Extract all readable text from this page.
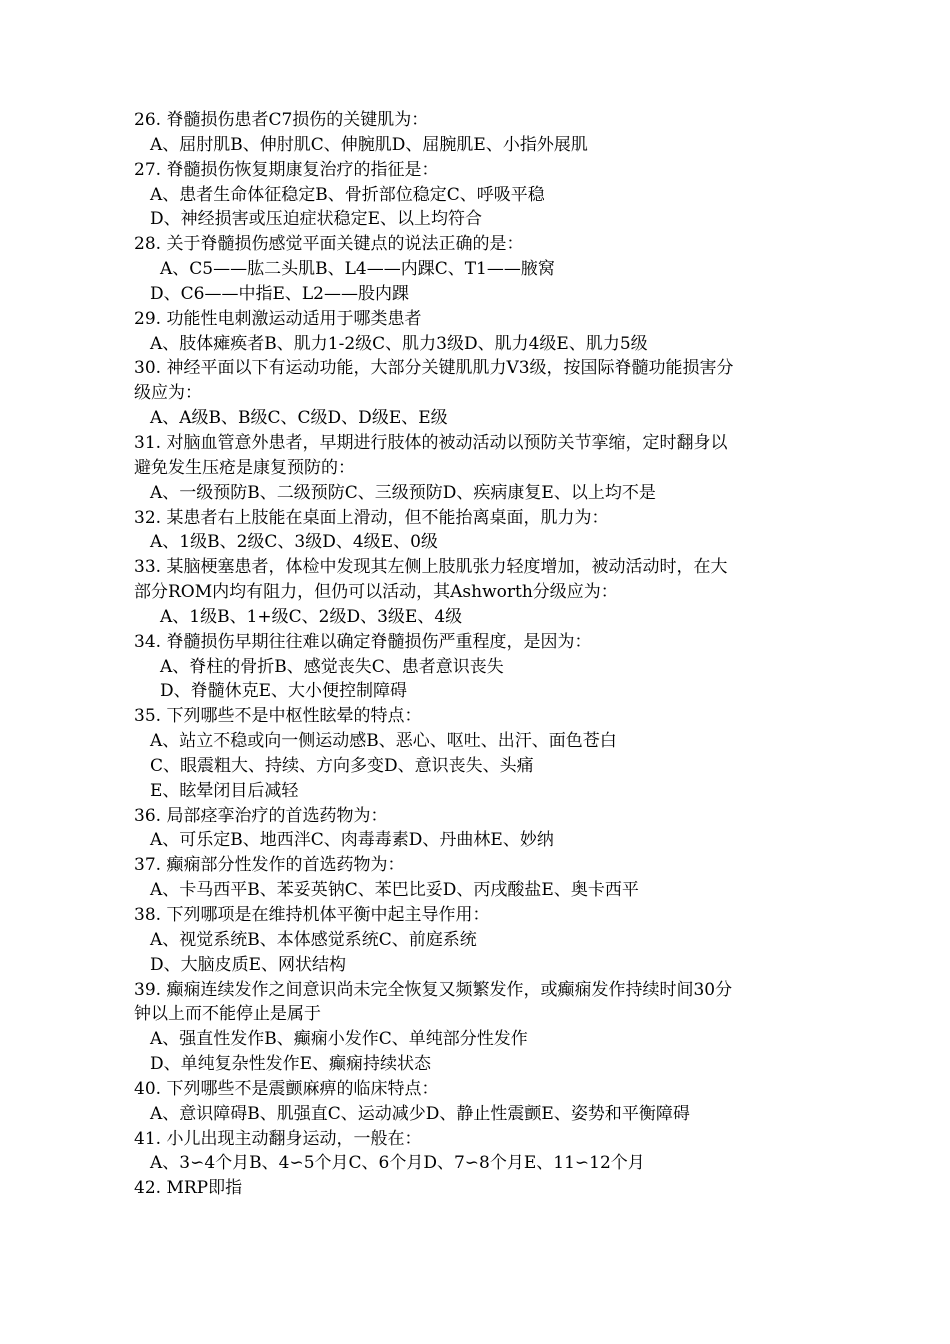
26. 脊髓损伤患者C7损伤的关键肌为：
A、屈肘肌B、伸肘肌C、伸腕肌D、屈腕肌E、小指外展肌
27. 脊髓损伤恢复期康复治疗的指征是：
A、患者生命体征稳定B、骨折部位稳定C、呼吸平稳
D、神经损害或压迫症状稳定E、以上均符合
28. 关于脊髓损伤感觉平面关键点的说法正确的是：
A、C5——肱二头肌B、L4——内踝C、T1——腋窝
D、C6——中指E、L2——股内踝
29. 功能性电刺激运动适用于哪类患者
A、肢体瘫痪者B、肌力1-2级C、肌力3级D、肌力4级E、肌力5级
30. 神经平面以下有运动功能，大部分关键肌肌力V3级，按国际脊髓功能损害分
级应为：
A、A级B、B级C、C级D、D级E、E级
31. 对脑血管意外患者，早期进行肢体的被动活动以预防关节挛缩，定时翻身以
避免发生压疮是康复预防的：
A、一级预防B、二级预防C、三级预防D、疾病康复E、以上均不是
32. 某患者右上肢能在桌面上滑动，但不能抬离桌面，肌力为：
A、1级B、2级C、3级D、4级E、0级
33. 某脑梗塞患者，体检中发现其左侧上肢肌张力轻度增加，被动活动时，在大
部分ROM内均有阻力，但仍可以活动，其Ashworth分级应为：
A、1级B、1+级C、2级D、3级E、4级
34. 脊髓损伤早期往往难以确定脊髓损伤严重程度，是因为：
A、脊柱的骨折B、感觉丧失C、患者意识丧失
D、脊髓休克E、大小便控制障碍
35. 下列哪些不是中枢性眩晕的特点：
A、站立不稳或向一侧运动感B、恶心、呕吐、出汗、面色苍白
C、眼震粗大、持续、方向多变D、意识丧失、头痛
E、眩晕闭目后减轻
36. 局部痉挛治疗的首选药物为：
A、可乐定B、地西泮C、肉毒毒素D、丹曲林E、妙纳
37. 癫痫部分性发作的首选药物为：
A、卡马西平B、苯妥英钠C、苯巴比妥D、丙戌酸盐E、奥卡西平
38. 下列哪项是在维持机体平衡中起主导作用：
A、视觉系统B、本体感觉系统C、前庭系统
D、大脑皮质E、网状结构
39. 癫痫连续发作之间意识尚未完全恢复又频繁发作，或癫痫发作持续时间30分
钟以上而不能停止是属于
A、强直性发作B、癫痫小发作C、单纯部分性发作
D、单纯复杂性发作E、癫痫持续状态
40. 下列哪些不是震颤麻痹的临床特点：
A、意识障碍B、肌强直C、运动减少D、静止性震颤E、姿势和平衡障碍
41. 小儿出现主动翻身运动，一般在：
A、3∽4个月B、4∽5个月C、6个月D、7∽8个月E、11∽12个月
42. MRP即指
